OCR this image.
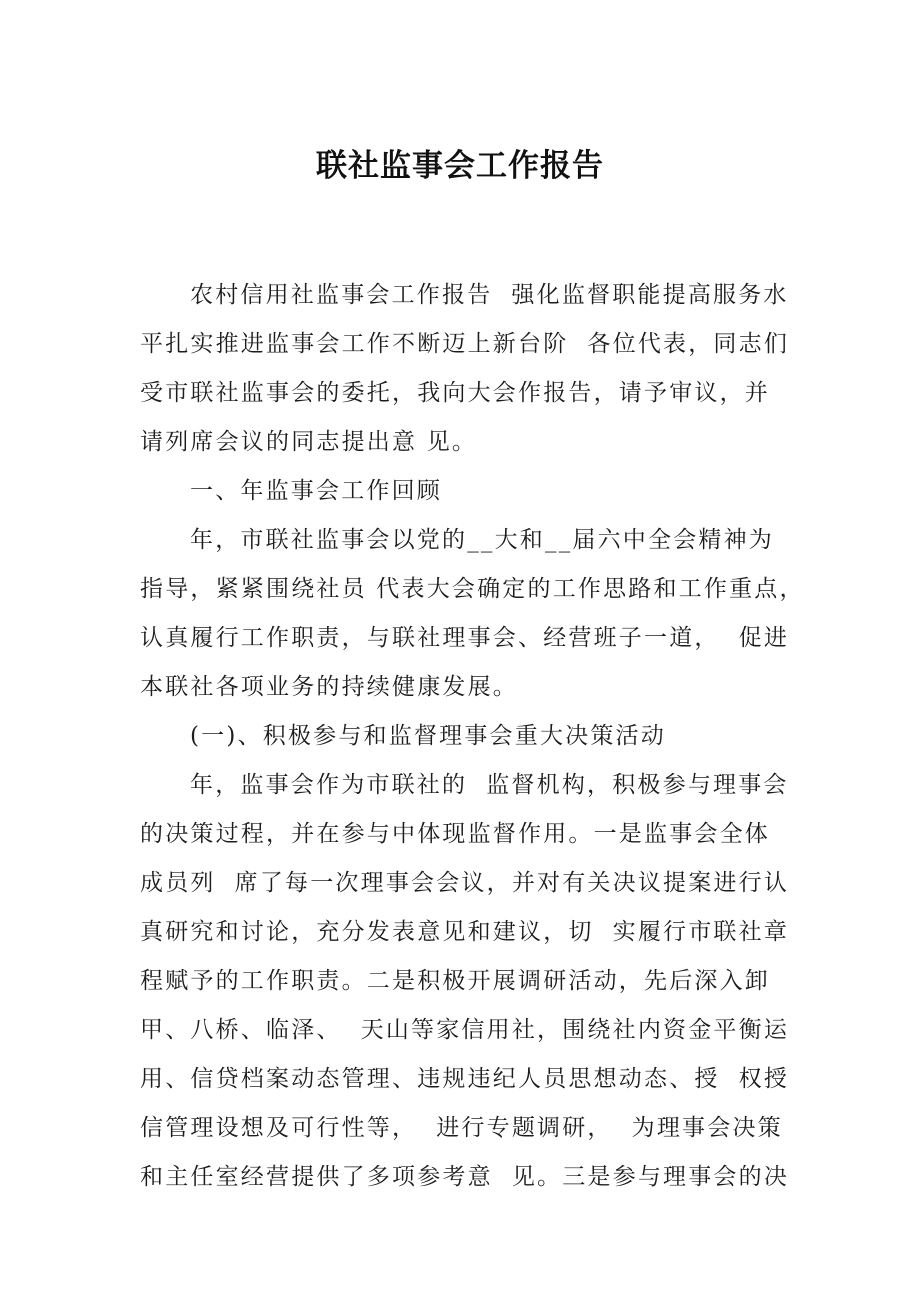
联社监事会工作报告
农村信用社监事会工作报告  强化监督职能提高服务水
平扎实推进监事会工作不断迈上新台阶  各位代表，同志们
受市联社监事会的委托，我向大会作报告，请予审议，并
请列席会议的同志提出意 见。
一、年监事会工作回顾
年，市联社监事会以党的__大和__届六中全会精神为
指导，紧紧围绕社员 代表大会确定的工作思路和工作重点，
认真履行工作职责，与联社理事会、经营班子一道，  促进
本联社各项业务的持续健康发展。
(一)、积极参与和监督理事会重大决策活动
年，监事会作为市联社的  监督机构，积极参与理事会
的决策过程，并在参与中体现监督作用。一是监事会全体
成员列  席了每一次理事会会议，并对有关决议提案进行认
真研究和讨论，充分发表意见和建议，切  实履行市联社章
程赋予的工作职责。二是积极开展调研活动，先后深入卸
甲、八桥、临泽、  天山等家信用社，围绕社内资金平衡运
用、信贷档案动态管理、违规违纪人员思想动态、授  权授
信管理设想及可行性等，  进行专题调研，  为理事会决策
和主任室经营提供了多项参考意  见。三是参与理事会的决
